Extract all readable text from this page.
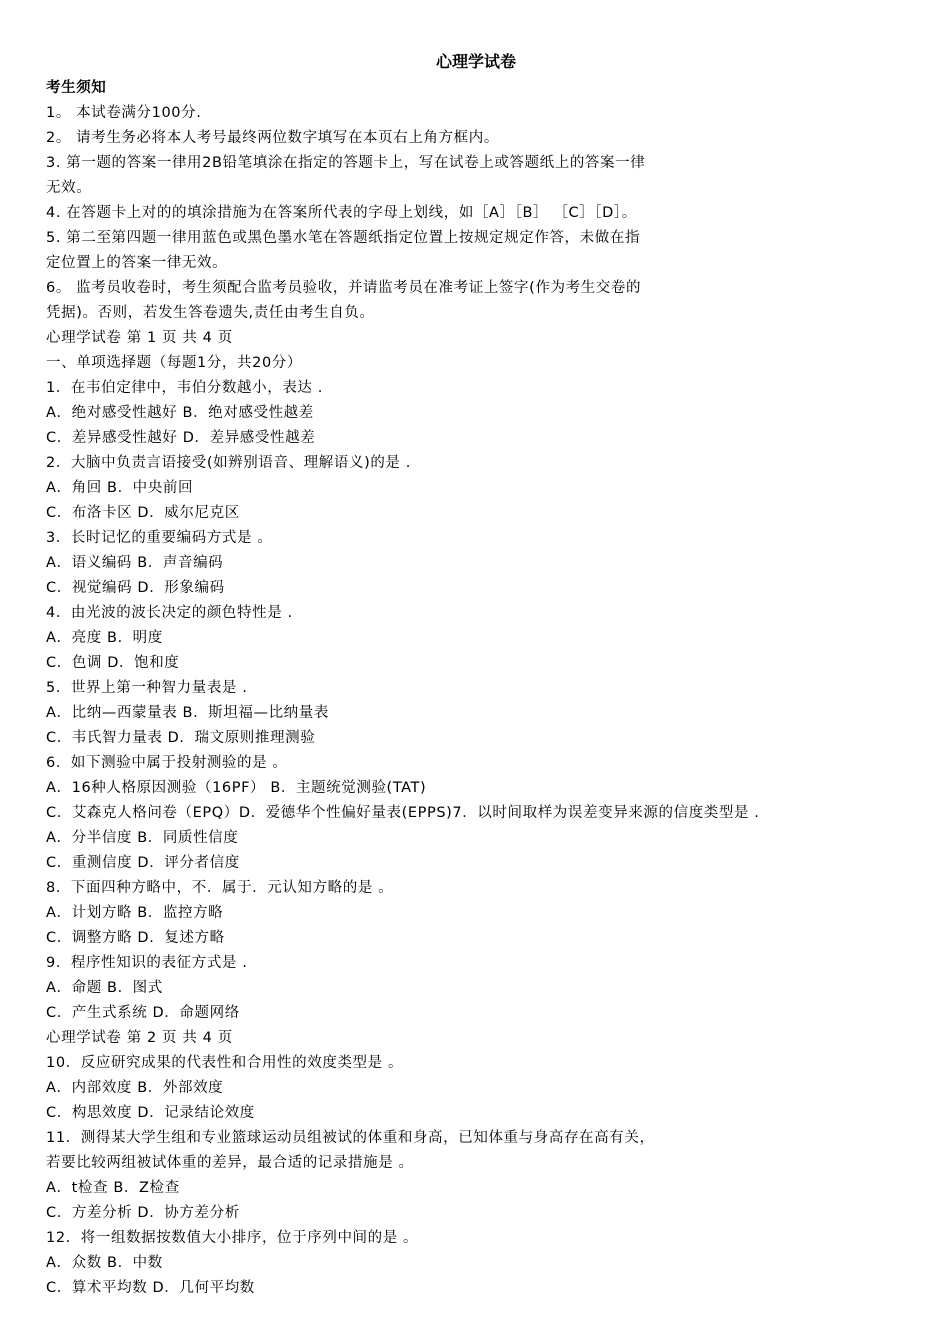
心理学试卷
考生须知
1。 本试卷满分100分.
2。 请考生务必将本人考号最终两位数字填写在本页右上角方框内。
3. 第一题的答案一律用2B铅笔填涂在指定的答题卡上，写在试卷上或答题纸上的答案一律
无效。
4. 在答题卡上对的的填涂措施为在答案所代表的字母上划线，如［A］［B］ ［C］［D］。
5. 第二至第四题一律用蓝色或黑色墨水笔在答题纸指定位置上按规定规定作答，未做在指
定位置上的答案一律无效。
6。 监考员收卷时，考生须配合监考员验收，并请监考员在准考证上签字(作为考生交卷的
凭据)。否则，若发生答卷遗失,责任由考生自负。
心理学试卷 第 1 页 共 4 页
一、单项选择题（每题1分，共20分）
1．在韦伯定律中，韦伯分数越小，表达 .
A．绝对感受性越好 B．绝对感受性越差
C．差异感受性越好 D．差异感受性越差
2．大脑中负责言语接受(如辨别语音、理解语义)的是 .
A．角回 B．中央前回
C．布洛卡区 D．威尔尼克区
3．长时记忆的重要编码方式是 。
A．语义编码 B．声音编码
C．视觉编码 D．形象编码
4．由光波的波长决定的颜色特性是 .
A．亮度 B．明度
C．色调 D．饱和度
5．世界上第一种智力量表是 .
A．比纳—西蒙量表 B．斯坦福—比纳量表
C．韦氏智力量表 D．瑞文原则推理测验
6．如下测验中属于投射测验的是 。
A．16种人格原因测验（16PF） B．主题统觉测验(TAT)
C．艾森克人格问卷（EPQ）D．爱德华个性偏好量表(EPPS)7．以时间取样为误差变异来源的信度类型是 .
A．分半信度 B．同质性信度
C．重测信度 D．评分者信度
8．下面四种方略中，不．属于．元认知方略的是 。
A．计划方略 B．监控方略
C．调整方略 D．复述方略
9．程序性知识的表征方式是 .
A．命题 B．图式
C．产生式系统 D．命题网络
心理学试卷 第 2 页 共 4 页
10．反应研究成果的代表性和合用性的效度类型是 。
A．内部效度 B．外部效度
C．构思效度 D．记录结论效度
11．测得某大学生组和专业篮球运动员组被试的体重和身高，已知体重与身高存在高有关，
若要比较两组被试体重的差异，最合适的记录措施是 。
A．t检查 B．Z检查
C．方差分析 D．协方差分析
12．将一组数据按数值大小排序，位于序列中间的是 。
A．众数 B．中数
C．算术平均数 D．几何平均数
